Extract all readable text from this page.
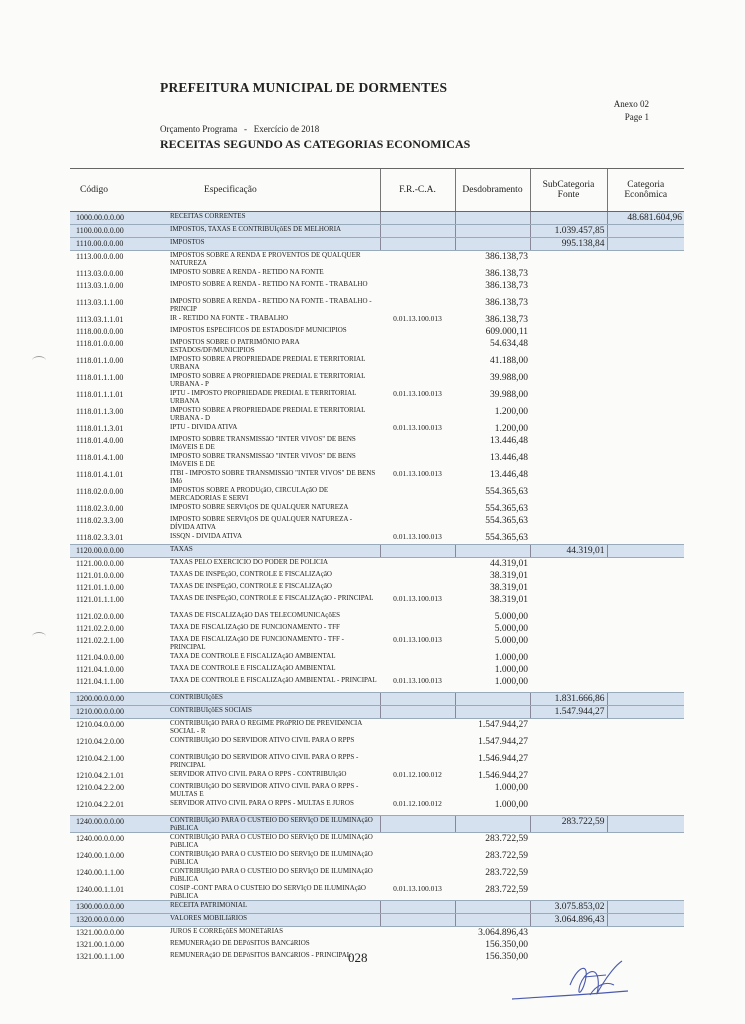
PREFEITURA MUNICIPAL DE DORMENTES
Anexo 02
Page 1
Orçamento Programa   -   Exercício de 2018
RECEITAS SEGUNDO AS CATEGORIAS ECONOMICAS
Código	Especificação	F.R.-C.A.	Desdobramento	SubCategoria Fonte	Categoria Econômica
1000.00.0.0.00	RECEITAS CORRENTES				48.681.604,96
1100.00.0.0.00	IMPOSTOS, TAXAS E CONTRIBUIçõES DE MELHORIA			1.039.457,85	
1110.00.0.0.00	IMPOSTOS			995.138,84	
1113.00.0.0.00	IMPOSTOS SOBRE A RENDA E PROVENTOS DE QUALQUER NATUREZA		386.138,73		
1113.03.0.0.00	IMPOSTO SOBRE A RENDA - RETIDO NA FONTE		386.138,73		
1113.03.1.0.00	IMPOSTO SOBRE A RENDA - RETIDO NA FONTE - TRABALHO		386.138,73		
1113.03.1.1.00	IMPOSTO SOBRE A RENDA - RETIDO NA FONTE - TRABALHO - PRINCIP		386.138,73		
1113.03.1.1.01	IR - RETIDO NA FONTE - TRABALHO	0.01.13.100.013	386.138,73		
1118.00.0.0.00	IMPOSTOS ESPECIFICOS DE ESTADOS/DF MUNICIPIOS		609.000,11		
1118.01.0.0.00	IMPOSTOS SOBRE O PATRIMÔNIO PARA ESTADOS/DF/MUNICIPIOS		54.634,48		
1118.01.1.0.00	IMPOSTO SOBRE A PROPRIEDADE PREDIAL E TERRITORIAL URBANA		41.188,00		
1118.01.1.1.00	IMPOSTO SOBRE A PROPRIEDADE PREDIAL E TERRITORIAL URBANA - P		39.988,00		
1118.01.1.1.01	IPTU - IMPOSTO PROPRIEDADE PREDIAL E TERRITORIAL URBANA	0.01.13.100.013	39.988,00		
1118.01.1.3.00	IMPOSTO SOBRE A PROPRIEDADE PREDIAL E TERRITORIAL URBANA - D		1.200,00		
1118.01.1.3.01	IPTU - DIVIDA ATIVA	0.01.13.100.013	1.200,00		
1118.01.4.0.00	IMPOSTO SOBRE TRANSMISSãO "INTER VIVOS" DE BENS IMóVEIS E DE		13.446,48		
1118.01.4.1.00	IMPOSTO SOBRE TRANSMISSãO "INTER VIVOS" DE BENS IMóVEIS E DE		13.446,48		
1118.01.4.1.01	ITBI - IMPOSTO SOBRE TRANSMISSãO "INTER VIVOS" DE BENS IMó	0.01.13.100.013	13.446,48		
1118.02.0.0.00	IMPOSTOS SOBRE A PRODUçãO, CIRCULAçãO DE MERCADORIAS E SERVI		554.365,63		
1118.02.3.0.00	IMPOSTO SOBRE SERVIçOS DE QUALQUER NATUREZA		554.365,63		
1118.02.3.3.00	IMPOSTO SOBRE SERVIçOS DE QUALQUER NATUREZA - DÍVIDA ATIVA		554.365,63		
1118.02.3.3.01	ISSQN - DIVIDA ATIVA	0.01.13.100.013	554.365,63		
1120.00.0.0.00	TAXAS			44.319,01	
1121.00.0.0.00	TAXAS PELO EXERCICIO DO PODER DE POLICIA		44.319,01		
1121.01.0.0.00	TAXAS DE INSPEçãO, CONTROLE E FISCALIZAçãO		38.319,01		
1121.01.1.0.00	TAXAS DE INSPEçãO, CONTROLE E FISCALIZAçãO		38.319,01		
1121.01.1.1.00	TAXAS DE INSPEçãO, CONTROLE E FISCALIZAçãO - PRINCIPAL	0.01.13.100.013	38.319,01		
1121.02.0.0.00	TAXAS DE FISCALIZAçãO DAS TELECOMUNICAçõES		5.000,00		
1121.02.2.0.00	TAXA DE FISCALIZAçãO DE FUNCIONAMENTO - TFF		5.000,00		
1121.02.2.1.00	TAXA DE FISCALIZAçãO DE FUNCIONAMENTO - TFF - PRINCIPAL	0.01.13.100.013	5.000,00		
1121.04.0.0.00	TAXA DE CONTROLE E FISCALIZAçãO AMBIENTAL		1.000,00		
1121.04.1.0.00	TAXA DE CONTROLE E FISCALIZAçãO AMBIENTAL		1.000,00		
1121.04.1.1.00	TAXA DE CONTROLE E FISCALIZAçãO AMBIENTAL - PRINCIPAL	0.01.13.100.013	1.000,00		
1200.00.0.0.00	CONTRIBUIçõES			1.831.666,86	
1210.00.0.0.00	CONTRIBUIçõES SOCIAIS			1.547.944,27	
1210.04.0.0.00	CONTRIBUIçãO PARA O REGIME PRóPRIO DE PREVIDêNCIA SOCIAL - R		1.547.944,27		
1210.04.2.0.00	CONTRIBUIçãO DO SERVIDOR ATIVO CIVIL PARA O RPPS		1.547.944,27		
1210.04.2.1.00	CONTRIBUIçãO DO SERVIDOR ATIVO CIVIL PARA O RPPS - PRINCIPAL		1.546.944,27		
1210.04.2.1.01	SERVIDOR ATIVO CIVIL PARA O RPPS - CONTRIBUIçãO	0.01.12.100.012	1.546.944,27		
1210.04.2.2.00	CONTRIBUIçãO DO SERVIDOR ATIVO CIVIL PARA O RPPS - MULTAS E		1.000,00		
1210.04.2.2.01	SERVIDOR ATIVO CIVIL PARA O RPPS - MULTAS E JUROS	0.01.12.100.012	1.000,00		
1240.00.0.0.00	CONTRIBUIçãO PARA O CUSTEIO DO SERVIçO DE ILUMINAçãO PúBLICA			283.722,59	
1240.00.0.0.00	CONTRIBUIçãO PARA O CUSTEIO DO SERVIçO DE ILUMINAçãO PúBLICA		283.722,59		
1240.00.1.0.00	CONTRIBUIçãO PARA O CUSTEIO DO SERVIçO DE ILUMINAçãO PúBLICA		283.722,59		
1240.00.1.1.00	CONTRIBUIçãO PARA O CUSTEIO DO SERVIçO DE ILUMINAçãO PúBLICA		283.722,59		
1240.00.1.1.01	COSIP -CONT PARA O CUSTEIO DO SERVIçO DE ILUMINAçãO PúBLICA	0.01.13.100.013	283.722,59		
1300.00.0.0.00	RECEITA PATRIMONIAL			3.075.853,02	
1320.00.0.0.00	VALORES MOBILIáRIOS			3.064.896,43	
1321.00.0.0.00	JUROS E CORREçõES MONETáRIAS		3.064.896,43		
1321.00.1.0.00	REMUNERAçãO DE DEPóSITOS BANCáRIOS		156.350,00		
1321.00.1.1.00	REMUNERAçãO DE DEPóSITOS BANCáRIOS - PRINCIPAL		156.350,00		
028
